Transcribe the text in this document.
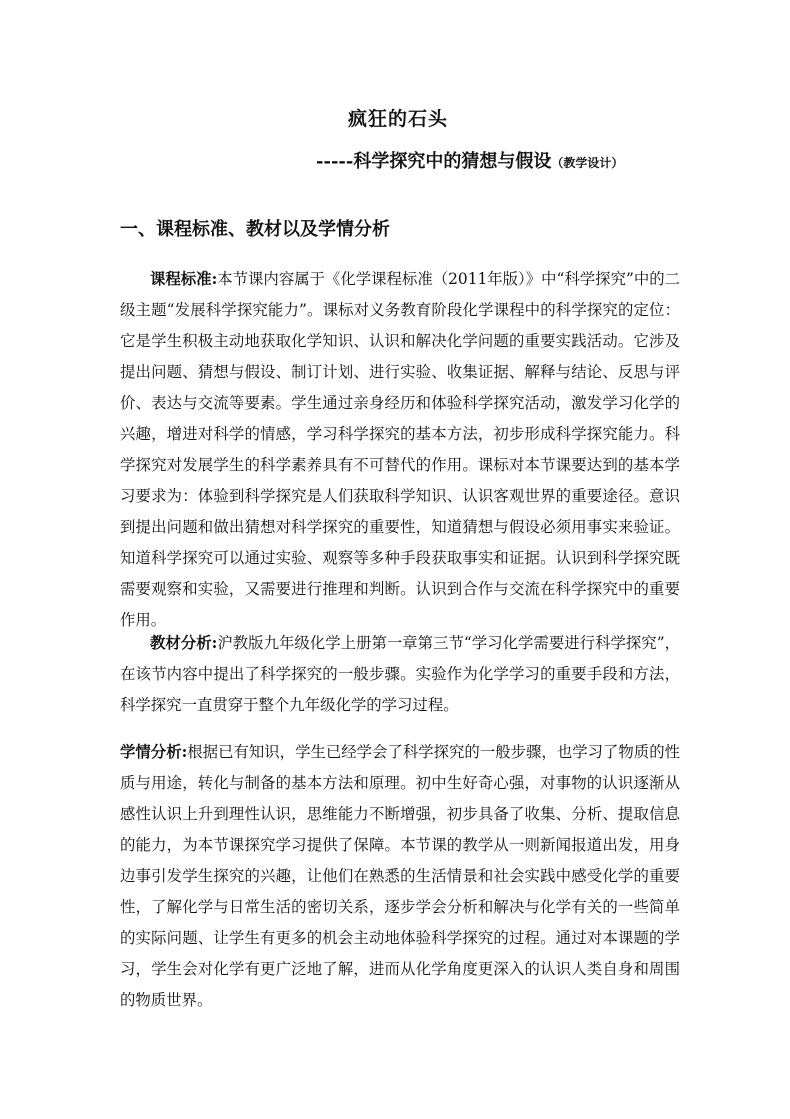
疯狂的石头
-----科学探究中的猜想与假设（教学设计）
一、课程标准、教材以及学情分析

课程标准:本节课内容属于《化学课程标准（2011年版）》中“科学探究”中的二级主题“发展科学探究能力”。课标对义务教育阶段化学课程中的科学探究的定位：它是学生积极主动地获取化学知识、认识和解决化学问题的重要实践活动。它涉及提出问题、猜想与假设、制订计划、进行实验、收集证据、解释与结论、反思与评价、表达与交流等要素。学生通过亲身经历和体验科学探究活动，激发学习化学的兴趣，增进对科学的情感，学习科学探究的基本方法，初步形成科学探究能力。科学探究对发展学生的科学素养具有不可替代的作用。课标对本节课要达到的基本学习要求为：体验到科学探究是人们获取科学知识、认识客观世界的重要途径。意识到提出问题和做出猜想对科学探究的重要性，知道猜想与假设必须用事实来验证。知道科学探究可以通过实验、观察等多种手段获取事实和证据。认识到科学探究既需要观察和实验，又需要进行推理和判断。认识到合作与交流在科学探究中的重要作用。

教材分析:沪教版九年级化学上册第一章第三节“学习化学需要进行科学探究”，在该节内容中提出了科学探究的一般步骤。实验作为化学学习的重要手段和方法，科学探究一直贯穿于整个九年级化学的学习过程。

学情分析:根据已有知识，学生已经学会了科学探究的一般步骤，也学习了物质的性质与用途，转化与制备的基本方法和原理。初中生好奇心强，对事物的认识逐渐从感性认识上升到理性认识，思维能力不断增强，初步具备了收集、分析、提取信息的能力，为本节课探究学习提供了保障。本节课的教学从一则新闻报道出发，用身边事引发学生探究的兴趣，让他们在熟悉的生活情景和社会实践中感受化学的重要性，了解化学与日常生活的密切关系，逐步学会分析和解决与化学有关的一些简单的实际问题、让学生有更多的机会主动地体验科学探究的过程。通过对本课题的学习，学生会对化学有更广泛地了解，进而从化学角度更深入的认识人类自身和周围的物质世界。
